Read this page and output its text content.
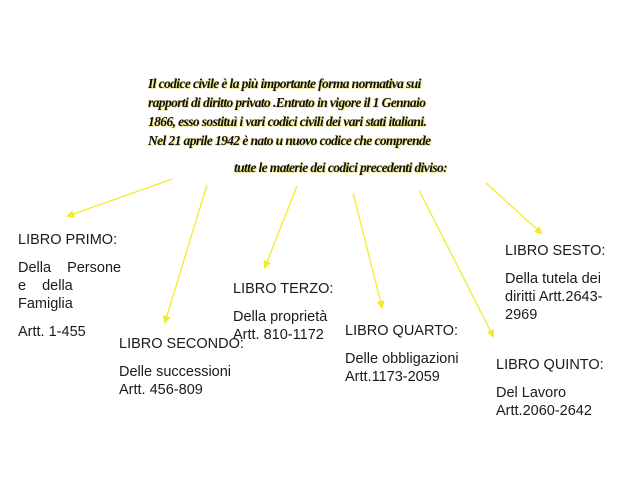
Il codice civile è la più importante forma normativa sui
rapporti di diritto privato .Entrato in vigore il 1 Gennaio
1866, esso sostituì i vari codici civili dei vari stati italiani.
Nel 21 aprile 1942 è nato u nuovo codice che comprende
tutte le materie dei codici precedenti diviso:
LIBRO PRIMO:
Della Persone e della Famiglia
Artt. 1-455
LIBRO SECONDO:
Delle successioni
Artt. 456-809
LIBRO TERZO:
Della proprietà Artt. 810-1172	LIBRO QUARTO:
Delle obbligazioni Artt.1173-2059
LIBRO QUINTO:
Del Lavoro Artt.2060-2642
LIBRO SESTO:
Della tutela dei diritti Artt.2643-2969
